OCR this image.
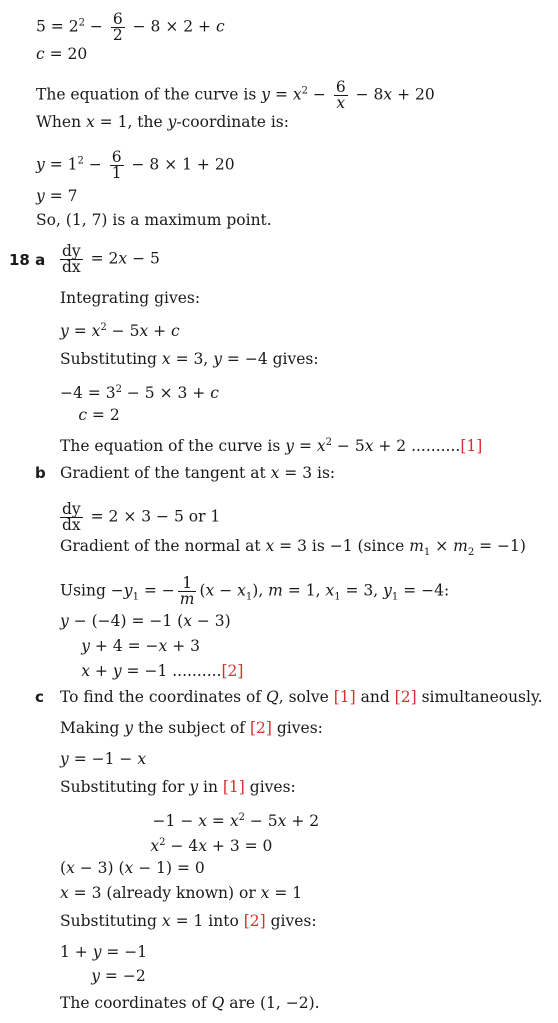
$5 = 2^2 - \frac{6}{2} - 8 \times 2 + c$
c = 20
The equation of the curve is $y = x^2 - \frac{6}{x} - 8x + 20$
When x = 1, the y-coordinate is:
$y = 1^2 - \frac{6}{1} - 8 \times 1 + 20$
y = 7
So, (1, 7) is a maximum point.
18 a $\frac{dy}{dx} = 2x - 5$
Integrating gives:
$y = x^2 - 5x + c$
Substituting x = 3, y = −4 gives:
$-4 = 3^2 - 5 \times 3 + c$
c = 2
The equation of the curve is $y = x^2 - 5x + 2$ ..........[1]
b Gradient of the tangent at x = 3 is:
$\frac{dy}{dx} = 2 \times 3 - 5$ or 1
Gradient of the normal at x = 3 is −1 (since $m_1 \times m_2 = -1$)
$Using -y_1$ = − $\frac{1}{m} (x - x_1)$, m = 1, $x_1 = 3$, $y_1 = -4$:
y − (−4) = −1 (x − 3)
y + 4 = −x + 3
x + y = −1 ..........[2]
c To find the coordinates of Q, solve [1] and [2] simultaneously.
Making y the subject of [2] gives:
y = −1 − x
Substituting for y in [1] gives:
$-1 - x = x^2 - 5x + 2$
$x^2 - 4x + 3 = 0$
(x − 3) (x − 1) = 0
x = 3 (already known) or x = 1
Substituting x = 1 into [2] gives:
1 + y = −1
y = −2
The coordinates of Q are (1, −2).
